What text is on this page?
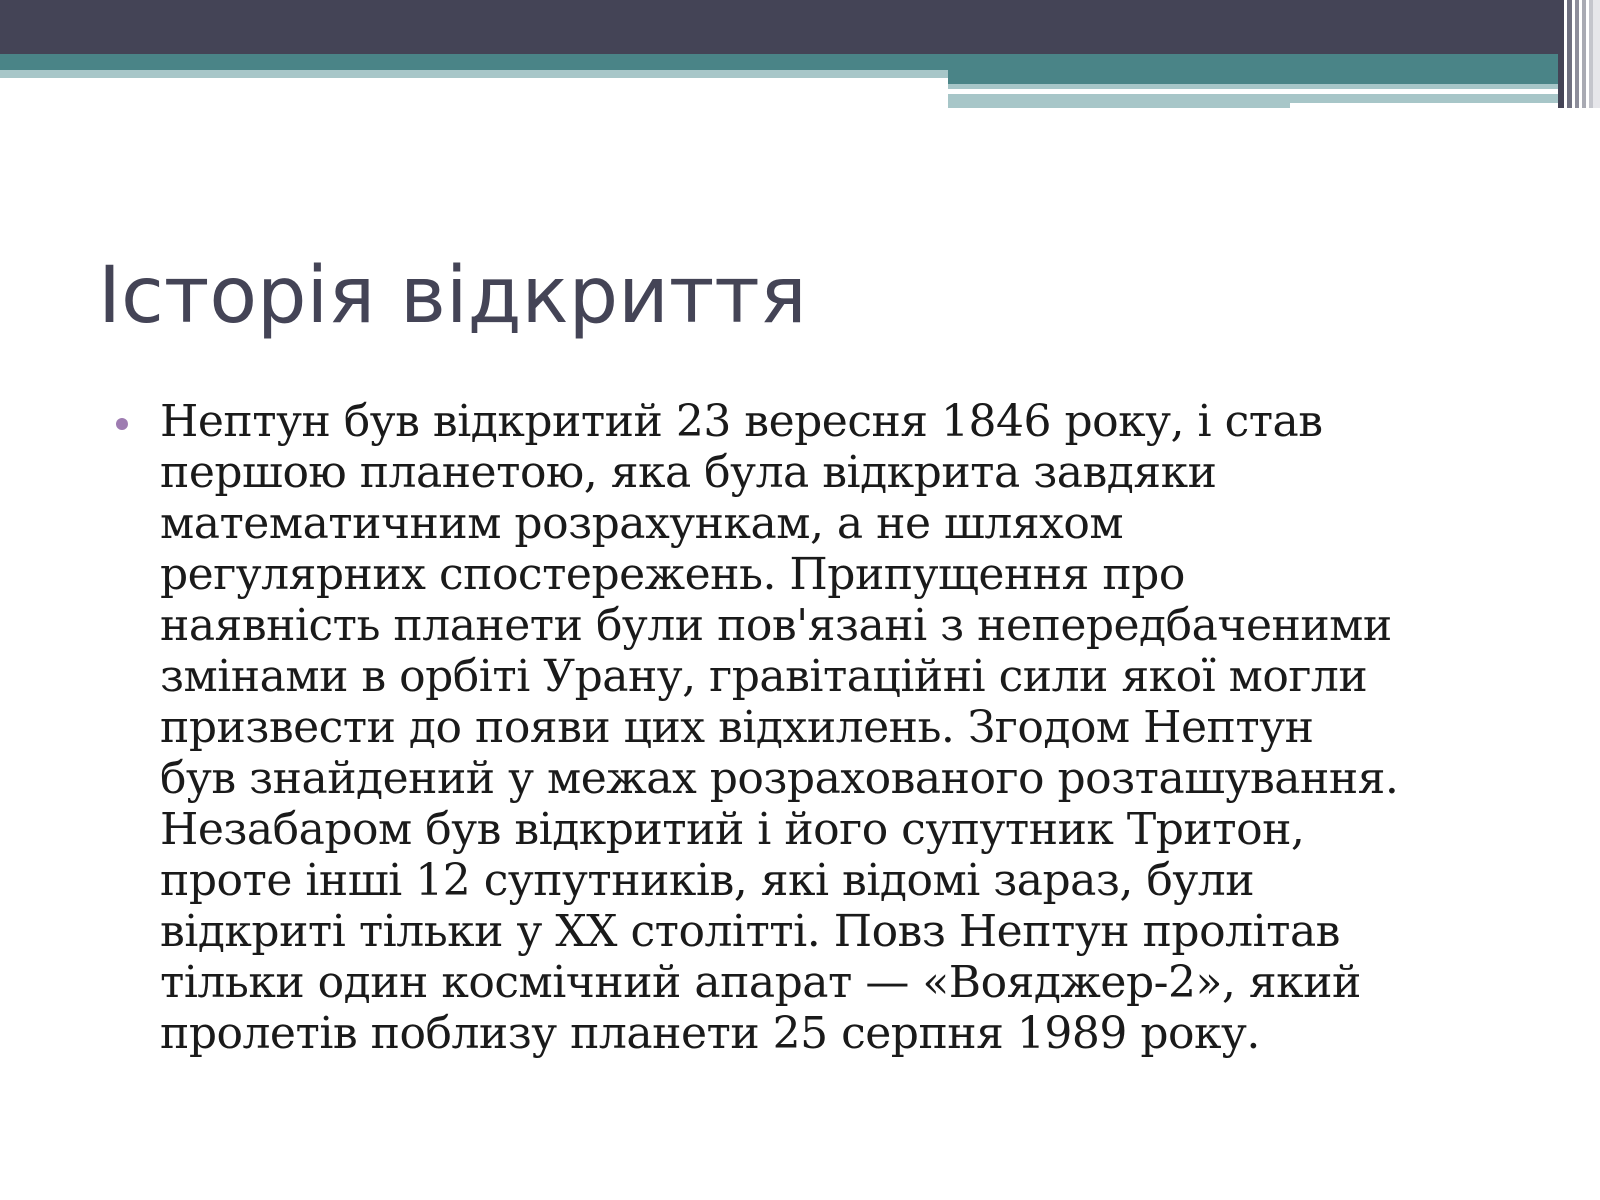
Історія відкриття

Нептун був відкритий 23 вересня 1846 року, і став
першою планетою, яка була відкрита завдяки
математичним розрахункам, а не шляхом
регулярних спостережень. Припущення про
наявність планети були пов'язані з непередбаченими
змінами в орбіті Урану, гравітаційні сили якої могли
призвести до появи цих відхилень. Згодом Нептун
був знайдений у межах розрахованого розташування.
Незабаром був відкритий і його супутник Тритон,
проте інші 12 супутників, які відомі зараз, були
відкриті тільки у XX столітті. Повз Нептун пролітав
тільки один космічний апарат — «Вояджер-2», який
пролетів поблизу планети 25 серпня 1989 року.
